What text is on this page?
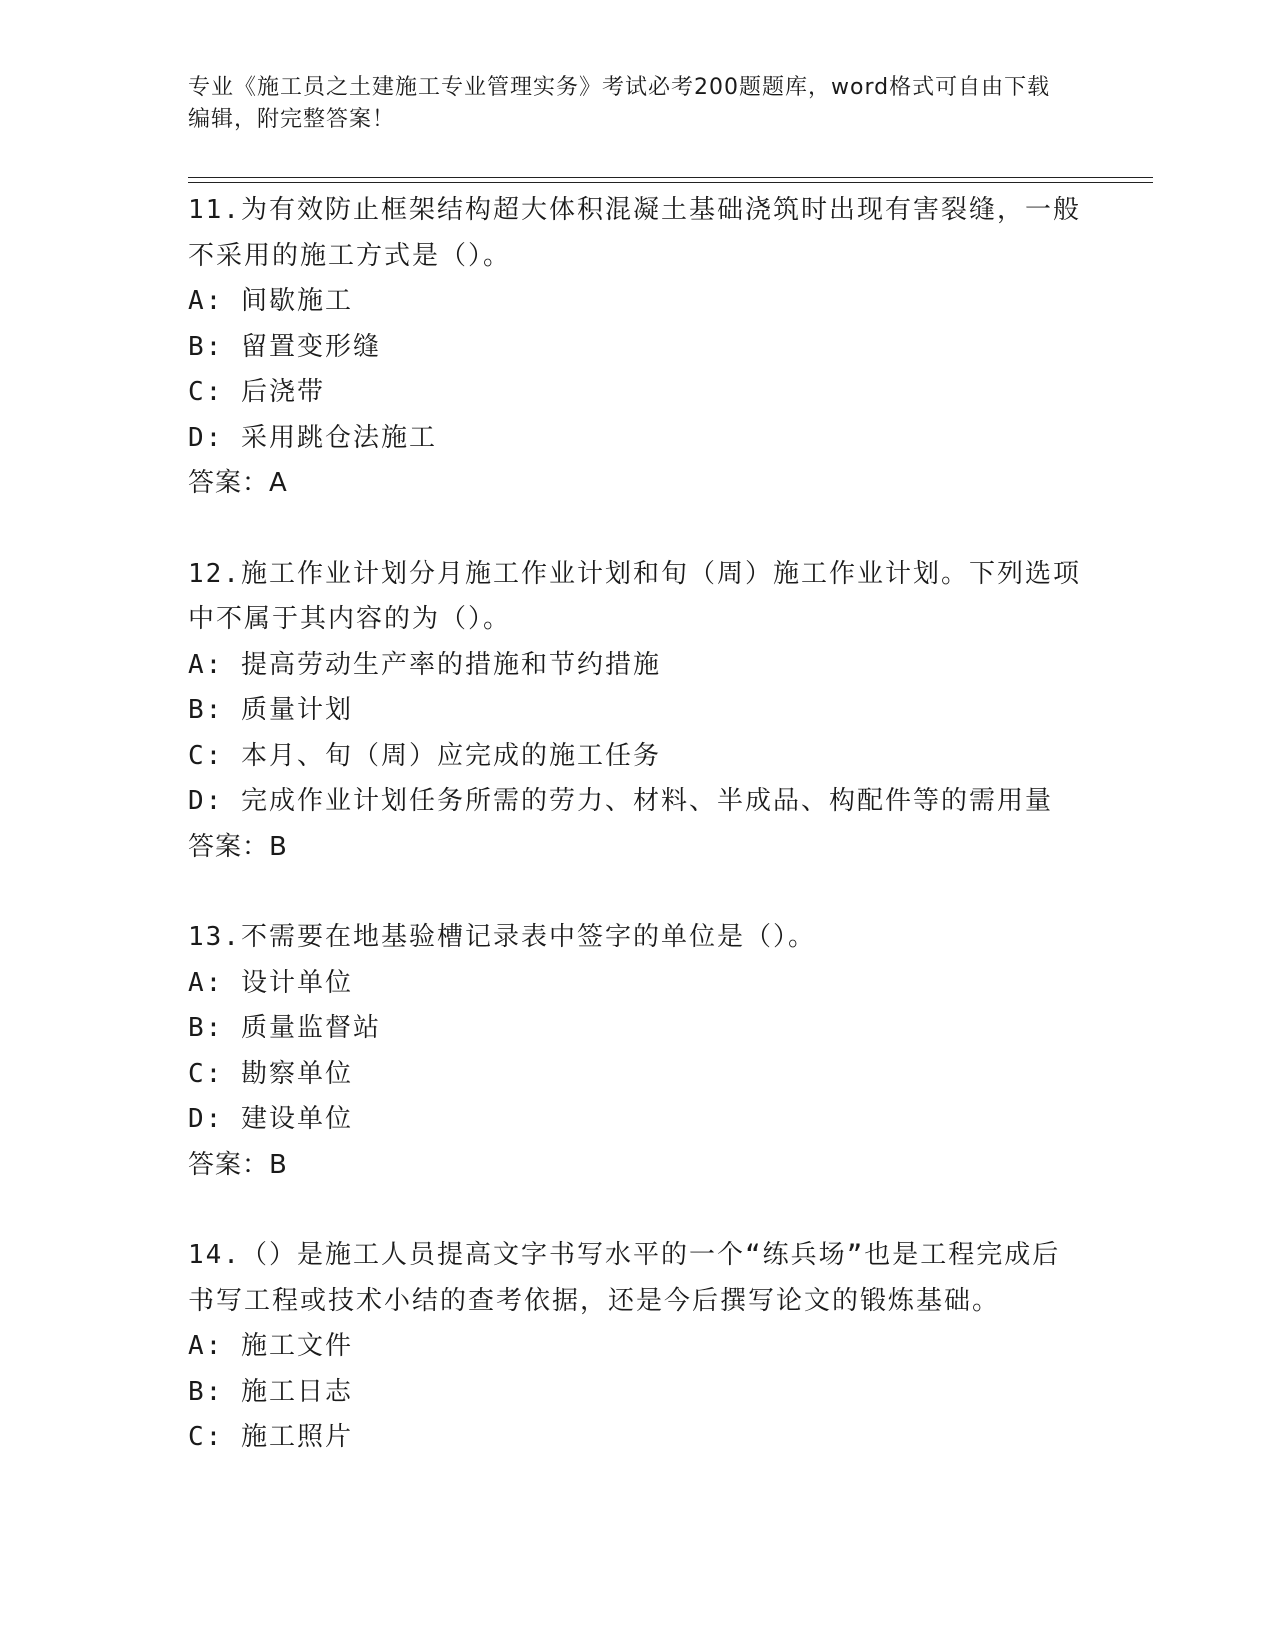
专业《施工员之土建施工专业管理实务》考试必考200题题库，word格式可自由下载编辑，附完整答案！
11.为有效防止框架结构超大体积混凝土基础浇筑时出现有害裂缝，一般不采用的施工方式是（）。
A: 间歇施工
B: 留置变形缝
C: 后浇带
D: 采用跳仓法施工
答案：A
12.施工作业计划分月施工作业计划和旬（周）施工作业计划。下列选项中不属于其内容的为（）。
A: 提高劳动生产率的措施和节约措施
B: 质量计划
C: 本月、旬（周）应完成的施工任务
D: 完成作业计划任务所需的劳力、材料、半成品、构配件等的需用量
答案：B
13.不需要在地基验槽记录表中签字的单位是（）。
A: 设计单位
B: 质量监督站
C: 勘察单位
D: 建设单位
答案：B
14.（）是施工人员提高文字书写水平的一个“练兵场”也是工程完成后书写工程或技术小结的查考依据，还是今后撰写论文的锻炼基础。
A: 施工文件
B: 施工日志
C: 施工照片
